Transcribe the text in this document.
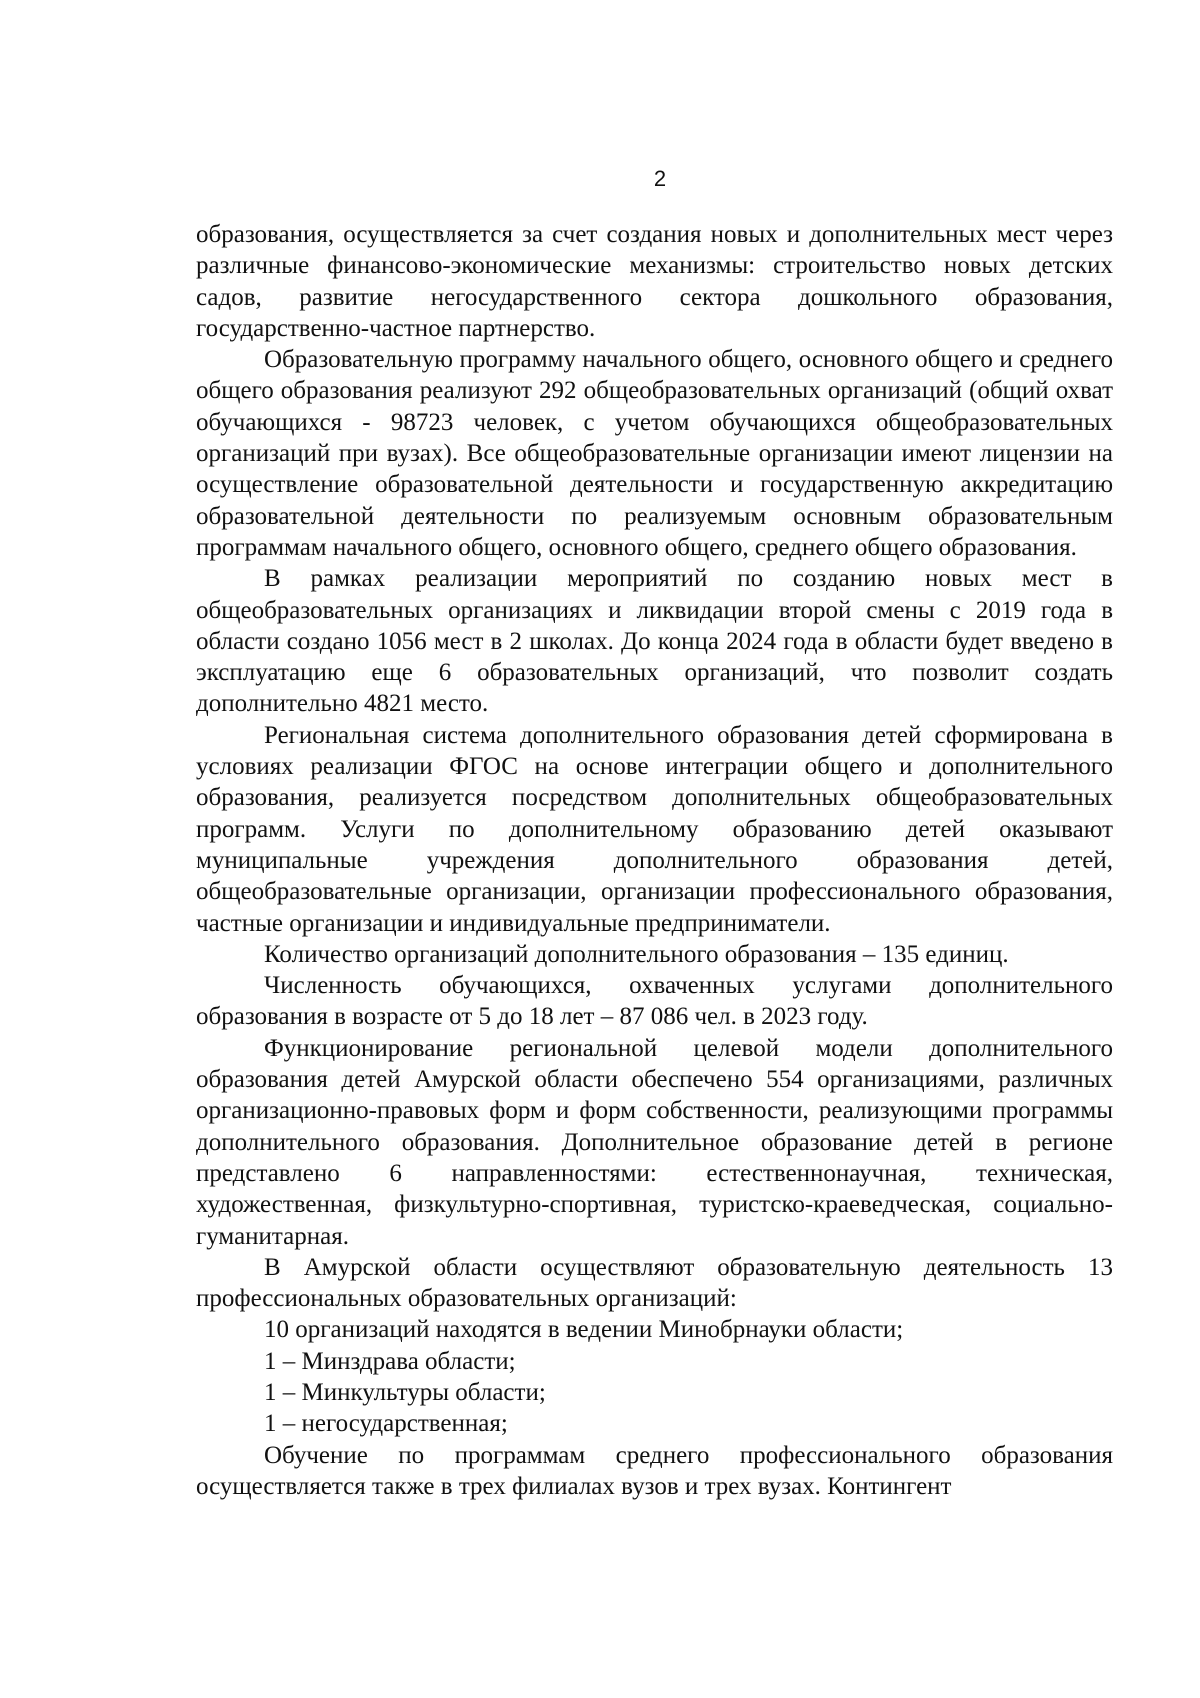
2

образования, осуществляется за счет создания новых и дополнительных мест через различные финансово-экономические механизмы: строительство новых детских садов, развитие негосударственного сектора дошкольного образования, государственно-частное партнерство.

Образовательную программу начального общего, основного общего и среднего общего образования реализуют 292 общеобразовательных организаций (общий охват обучающихся - 98723 человек, с учетом обучающихся общеобразовательных организаций при вузах). Все общеобразовательные организации имеют лицензии на осуществление образовательной деятельности и государственную аккредитацию образовательной деятельности по реализуемым основным образовательным программам начального общего, основного общего, среднего общего образования.

В рамках реализации мероприятий по созданию новых мест в общеобразовательных организациях и ликвидации второй смены с 2019 года в области создано 1056 мест в 2 школах. До конца 2024 года в области будет введено в эксплуатацию еще 6 образовательных организаций, что позволит создать дополнительно 4821 место.

Региональная система дополнительного образования детей сформирована в условиях реализации ФГОС на основе интеграции общего и дополнительного образования, реализуется посредством дополнительных общеобразовательных программ. Услуги по дополнительному образованию детей оказывают муниципальные учреждения дополнительного образования детей, общеобразовательные организации, организации профессионального образования, частные организации и индивидуальные предприниматели.

Количество организаций дополнительного образования – 135 единиц.

Численность обучающихся, охваченных услугами дополнительного образования в возрасте от 5 до 18 лет – 87 086 чел. в 2023 году.

Функционирование региональной целевой модели дополнительного образования детей Амурской области обеспечено 554 организациями, различных организационно-правовых форм и форм собственности, реализующими программы дополнительного образования. Дополнительное образование детей в регионе представлено 6 направленностями: естественнонаучная, техническая, художественная, физкультурно-спортивная, туристско-краеведческая, социально-гуманитарная.

В Амурской области осуществляют образовательную деятельность 13 профессиональных образовательных организаций:

10 организаций находятся в ведении Минобрнауки области;

1 – Минздрава области;

1 – Минкультуры области;

1 – негосударственная;

Обучение по программам среднего профессионального образования осуществляется также в трех филиалах вузов и трех вузах. Контингент
